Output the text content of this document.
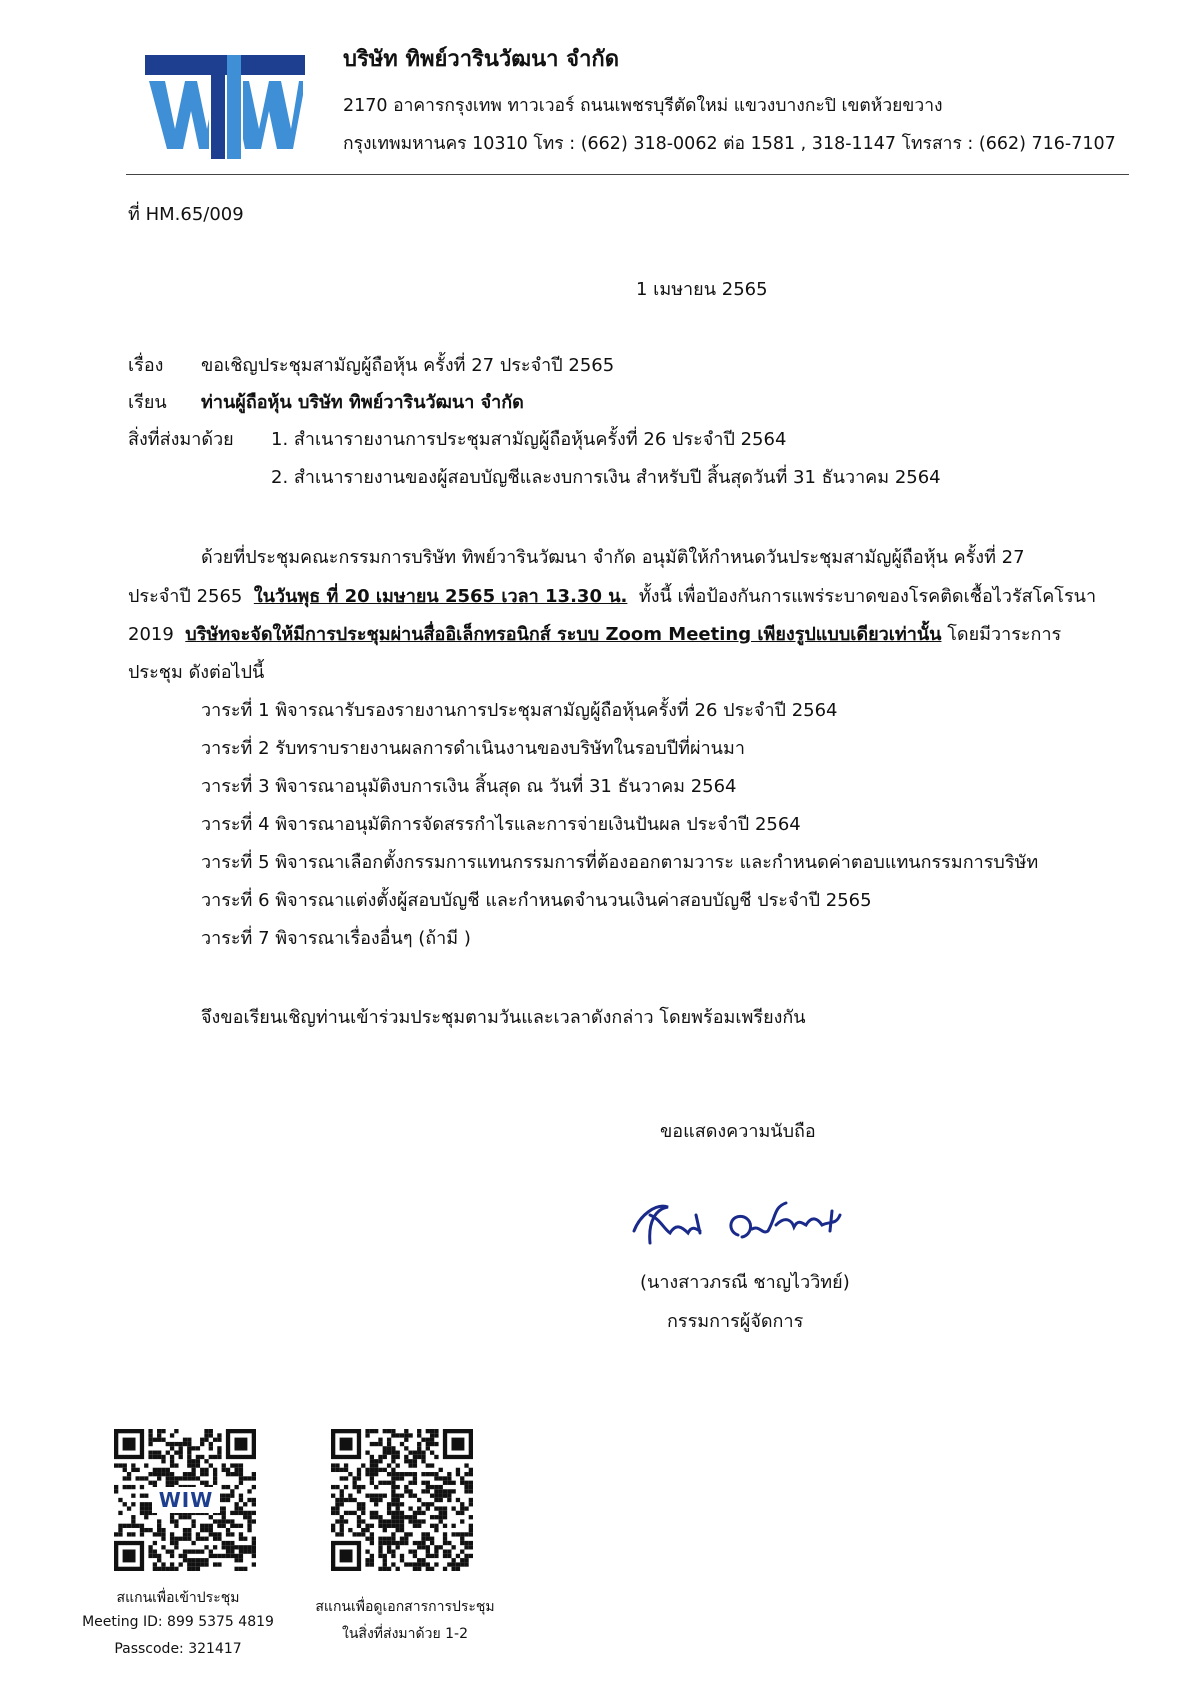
บริษัท ทิพย์วารินวัฒนา จำกัด
2170 อาคารกรุงเทพ ทาวเวอร์ ถนนเพชรบุรีตัดใหม่ แขวงบางกะปิ เขตห้วยขวาง
กรุงเทพมหานคร 10310 โทร : (662) 318-0062 ต่อ 1581 , 318-1147 โทรสาร : (662) 716-7107
ที่ HM.65/009
1 เมษายน 2565
เรื่อง ขอเชิญประชุมสามัญผู้ถือหุ้น ครั้งที่ 27 ประจำปี 2565
เรียน ท่านผู้ถือหุ้น บริษัท ทิพย์วารินวัฒนา จำกัด
สิ่งที่ส่งมาด้วย 1. สำเนารายงานการประชุมสามัญผู้ถือหุ้นครั้งที่ 26 ประจำปี 2564
2. สำเนารายงานของผู้สอบบัญชีและงบการเงิน สำหรับปี สิ้นสุดวันที่ 31 ธันวาคม 2564
ด้วยที่ประชุมคณะกรรมการบริษัท ทิพย์วารินวัฒนา จำกัด อนุมัติให้กำหนดวันประชุมสามัญผู้ถือหุ้น ครั้งที่ 27
ประจำปี 2565  ในวันพุธ ที่ 20 เมษายน 2565 เวลา 13.30 น.  ทั้งนี้ เพื่อป้องกันการแพร่ระบาดของโรคติดเชื้อไวรัสโคโรนา
2019  บริษัทจะจัดให้มีการประชุมผ่านสื่ออิเล็กทรอนิกส์ ระบบ Zoom Meeting เพียงรูปแบบเดียวเท่านั้น โดยมีวาระการ
ประชุม ดังต่อไปนี้
วาระที่ 1 พิจารณารับรองรายงานการประชุมสามัญผู้ถือหุ้นครั้งที่ 26 ประจำปี 2564
วาระที่ 2 รับทราบรายงานผลการดำเนินงานของบริษัทในรอบปีที่ผ่านมา
วาระที่ 3 พิจารณาอนุมัติงบการเงิน สิ้นสุด ณ วันที่ 31 ธันวาคม 2564
วาระที่ 4 พิจารณาอนุมัติการจัดสรรกำไรและการจ่ายเงินปันผล ประจำปี 2564
วาระที่ 5 พิจารณาเลือกตั้งกรรมการแทนกรรมการที่ต้องออกตามวาระ และกำหนดค่าตอบแทนกรรมการบริษัท
วาระที่ 6 พิจารณาแต่งตั้งผู้สอบบัญชี และกำหนดจำนวนเงินค่าสอบบัญชี ประจำปี 2565
วาระที่ 7 พิจารณาเรื่องอื่นๆ (ถ้ามี )
จึงขอเรียนเชิญท่านเข้าร่วมประชุมตามวันและเวลาดังกล่าว โดยพร้อมเพรียงกัน
ขอแสดงความนับถือ
(นางสาวภรณี ชาญไววิทย์)
กรรมการผู้จัดการ
WIW
สแกนเพื่อเข้าประชุม
Meeting ID: 899 5375 4819
Passcode: 321417
สแกนเพื่อดูเอกสารการประชุม
ในสิ่งที่ส่งมาด้วย 1-2
